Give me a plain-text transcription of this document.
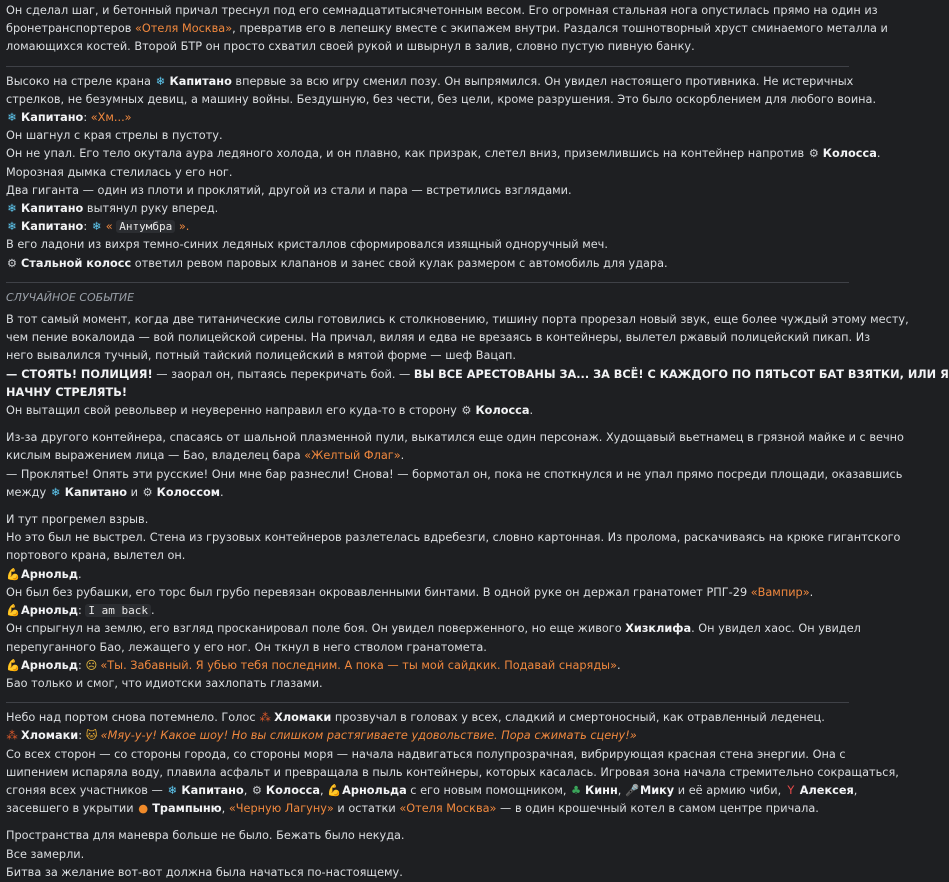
Он сделал шаг, и бетонный причал треснул под его семнадцатитысячетонным весом. Его огромная стальная нога опустилась прямо на один из
бронетранспортеров «Отеля Москва», превратив его в лепешку вместе с экипажем внутри. Раздался тошнотворный хруст сминаемого металла и
ломающихся костей. Второй БТР он просто схватил своей рукой и швырнул в залив, словно пустую пивную банку.
Высоко на стреле крана ❄ Капитано впервые за всю игру сменил позу. Он выпрямился. Он увидел настоящего противника. Не истеричных
стрелков, не безумных девиц, а машину войны. Бездушную, без чести, без цели, кроме разрушения. Это было оскорблением для любого воина.
❄ Капитано: «Хм...»
Он шагнул с края стрелы в пустоту.
Он не упал. Его тело окутала аура ледяного холода, и он плавно, как призрак, слетел вниз, приземлившись на контейнер напротив ⚙ Колосса.
Морозная дымка стелилась у его ног.
Два гиганта — один из плоти и проклятий, другой из стали и пара — встретились взглядами.
❄ Капитано вытянул руку вперед.
❄ Капитано: ❄ « Антумбра ».
В его ладони из вихря темно-синих ледяных кристаллов сформировался изящный одноручный меч.
⚙ Стальной колосс ответил ревом паровых клапанов и занес свой кулак размером с автомобиль для удара.
СЛУЧАЙНОЕ СОБЫТИЕ
В тот самый момент, когда две титанические силы готовились к столкновению, тишину порта прорезал новый звук, еще более чуждый этому месту,
чем пение вокалоида — вой полицейской сирены. На причал, виляя и едва не врезаясь в контейнеры, вылетел ржавый полицейский пикап. Из
него вывалился тучный, потный тайский полицейский в мятой форме — шеф Вацап.
— СТОЯТЬ! ПОЛИЦИЯ! — заорал он, пытаясь перекричать бой. — ВЫ ВСЕ АРЕСТОВАНЫ ЗА... ЗА ВСЁ! С КАЖДОГО ПО ПЯТЬСОТ БАТ ВЗЯТКИ, ИЛИ Я
НАЧНУ СТРЕЛЯТЬ!
Он вытащил свой револьвер и неуверенно направил его куда-то в сторону ⚙ Колосса.
Из-за другого контейнера, спасаясь от шальной плазменной пули, выкатился еще один персонаж. Худощавый вьетнамец в грязной майке и с вечно
кислым выражением лица — Бао, владелец бара «Желтый Флаг».
— Проклятье! Опять эти русские! Они мне бар разнесли! Снова! — бормотал он, пока не споткнулся и не упал прямо посреди площади, оказавшись
между ❄ Капитано и ⚙ Колоссом.
И тут прогремел взрыв.
Но это был не выстрел. Стена из грузовых контейнеров разлетелась вдребезги, словно картонная. Из пролома, раскачиваясь на крюке гигантского
портового крана, вылетел он.
💪Арнольд.
Он был без рубашки, его торс был грубо перевязан окровавленными бинтами. В одной руке он держал гранатомет РПГ-29 «Вампир».
💪Арнольд: I am back .
Он спрыгнул на землю, его взгляд просканировал поле боя. Он увидел поверженного, но еще живого Хизклифа. Он увидел хаос. Он увидел
перепуганного Бао, лежащего у его ног. Он ткнул в него стволом гранатомета.
💪Арнольд: ☹ «Ты. Забавный. Я убью тебя последним. А пока — ты мой сайдкик. Подавай снаряды».
Бао только и смог, что идиотски захлопать глазами.
Небо над портом снова потемнело. Голос ⁂ Хломаки прозвучал в головах у всех, сладкий и смертоносный, как отравленный леденец.
⁂ Хломаки: 🐱 «Мяу-у-у! Какое шоу! Но вы слишком растягиваете удовольствие. Пора сжимать сцену!»
Со всех сторон — со стороны города, со стороны моря — начала надвигаться полупрозрачная, вибрирующая красная стена энергии. Она с
шипением испаряла воду, плавила асфальт и превращала в пыль контейнеры, которых касалась. Игровая зона начала стремительно сокращаться,
сгоняя всех участников — ❄ Капитано, ⚙ Колосса, 💪Арнольда с его новым помощником, ♣ Кинн, 🎤Мику и её армию чиби, Y Алексея,
засевшего в укрытии ● Трампыню, «Черную Лагуну» и остатки «Отеля Москва» — в один крошечный котел в самом центре причала.
Пространства для маневра больше не было. Бежать было некуда.
Все замерли.
Битва за желание вот-вот должна была начаться по-настоящему.
